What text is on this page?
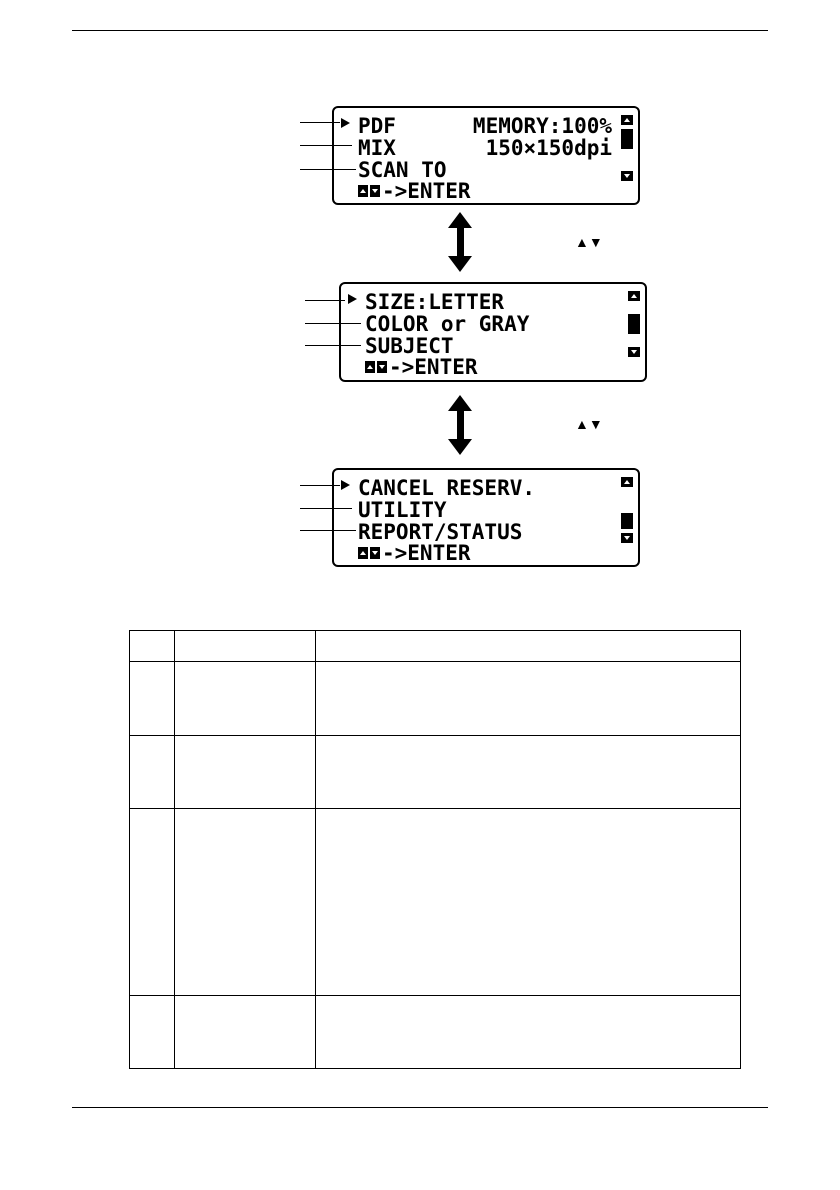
PDF

	MEMORY:100%

MIX

	150×150dpi

SCAN TO

->ENTER

SIZE:LETTER

COLOR or GRAY

SUBJECT

->ENTER

CANCEL RESERV.

UTILITY

REPORT/STATUS

->ENTER
▲▼
▲▼
